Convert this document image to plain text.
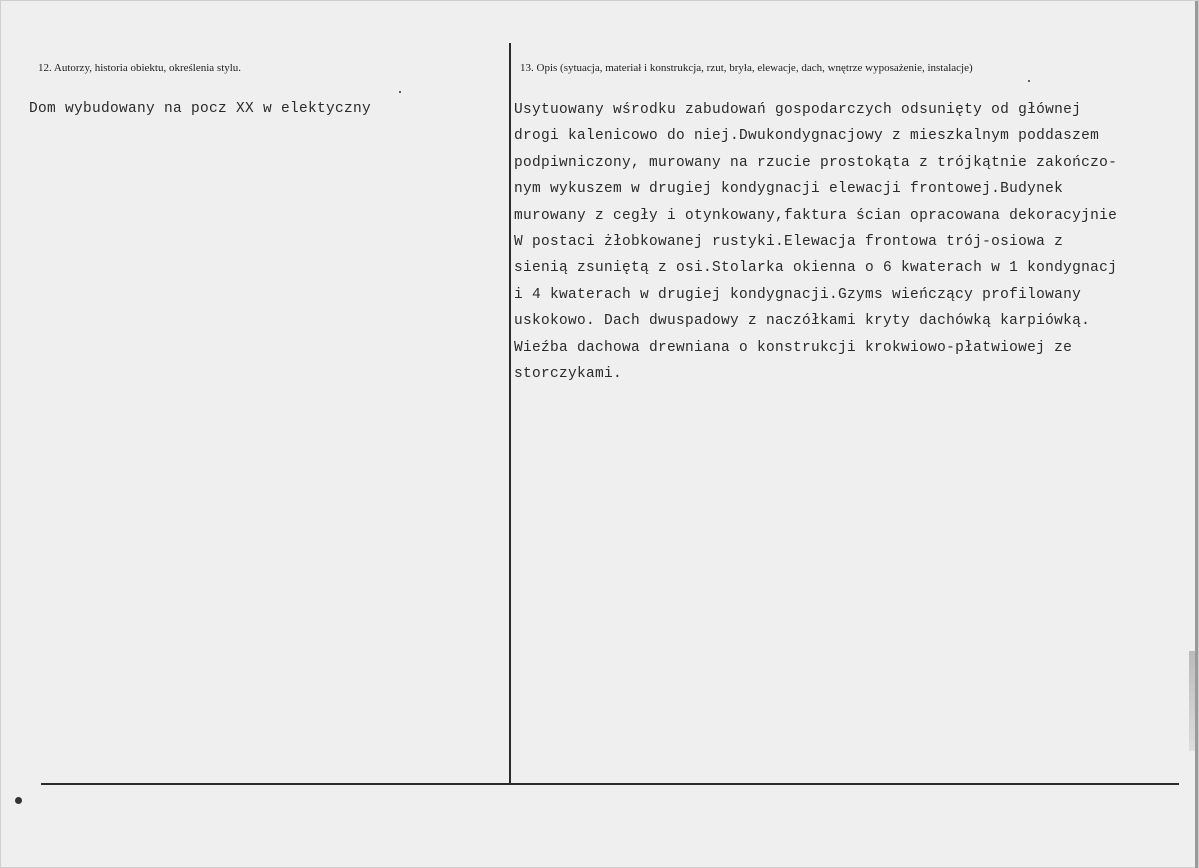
12. Autorzy, historia obiektu, określenia stylu.
Dom wybudowany na pocz XX w elektyczny
13. Opis (sytuacja, materiał i konstrukcja, rzut, bryła, elewacje, dach, wnętrze wyposażenie, instalacje)
Usytuowany wśrodku zabudowań gospodarczych odsunięty od głównej
drogi kalenicowo do niej.Dwukondygnacjowy z mieszkalnym poddaszem
podpiwniczony, murowany na rzucie prostokąta z trójkątnie zakończo-
nym wykuszem w drugiej kondygnacji elewacji frontowej.Budynek
murowany z cegły i otynkowany,faktura ścian opracowana dekoracyjnie
W postaci żłobkowanej rustyki.Elewacja frontowa trój-osiowa z
sienią zsuniętą z osi.Stolarka okienna o 6 kwaterach w 1 kondygnacj
i 4 kwaterach w drugiej kondygnacji.Gzyms wieńczący profilowany
uskokowo. Dach dwuspadowy z naczółkami kryty dachówką karpiówką.
Wieźba dachowa drewniana o konstrukcji krokwiowo-płatwiowej ze
storczykami.
